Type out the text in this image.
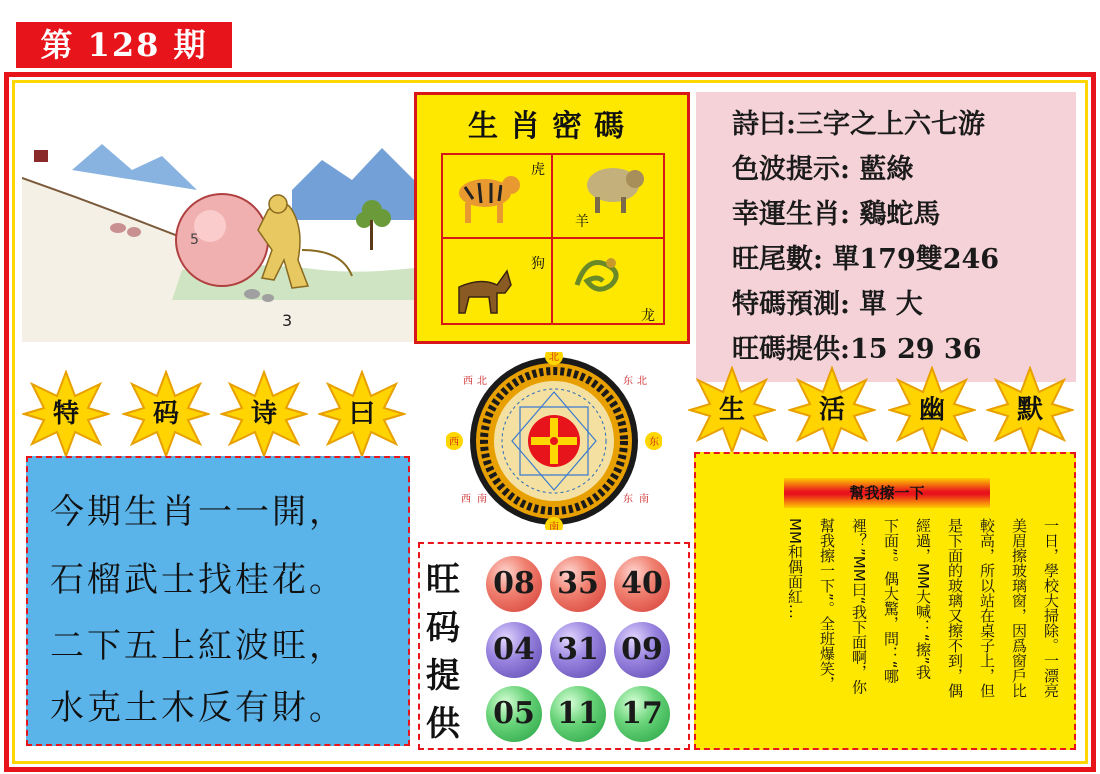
第 128 期
5
3
生肖密碼
虎
羊
狗
龙
詩曰:三字之上六七游
色波提示: 藍綠
幸運生肖: 鷄蛇馬
旺尾數: 單179雙246
特碼預測: 單 大
旺碼提供:15 29 36
特	码	诗	曰	生	活	幽	默
今期生肖一一開，
石榴武士找桂花。
二下五上紅波旺，
水克土木反有財。
北
西 北	东 北
西	东
西 南
南
东 南
旺
码
提
供
08 35 40
04 31 09
05 11 17
幫我擦一下
一日，學校大掃除。一漂亮
美眉擦玻璃窗，因爲窗戶比
較高，所以站在桌子上，但
是下面的玻璃又擦不到，偶
經過，MM大喊：“擦”我
下面”。偶大驚，問：“哪
裡？”MM曰“我下面啊，你
幫我擦一下”。全班爆笑，
MM和偶面紅…
